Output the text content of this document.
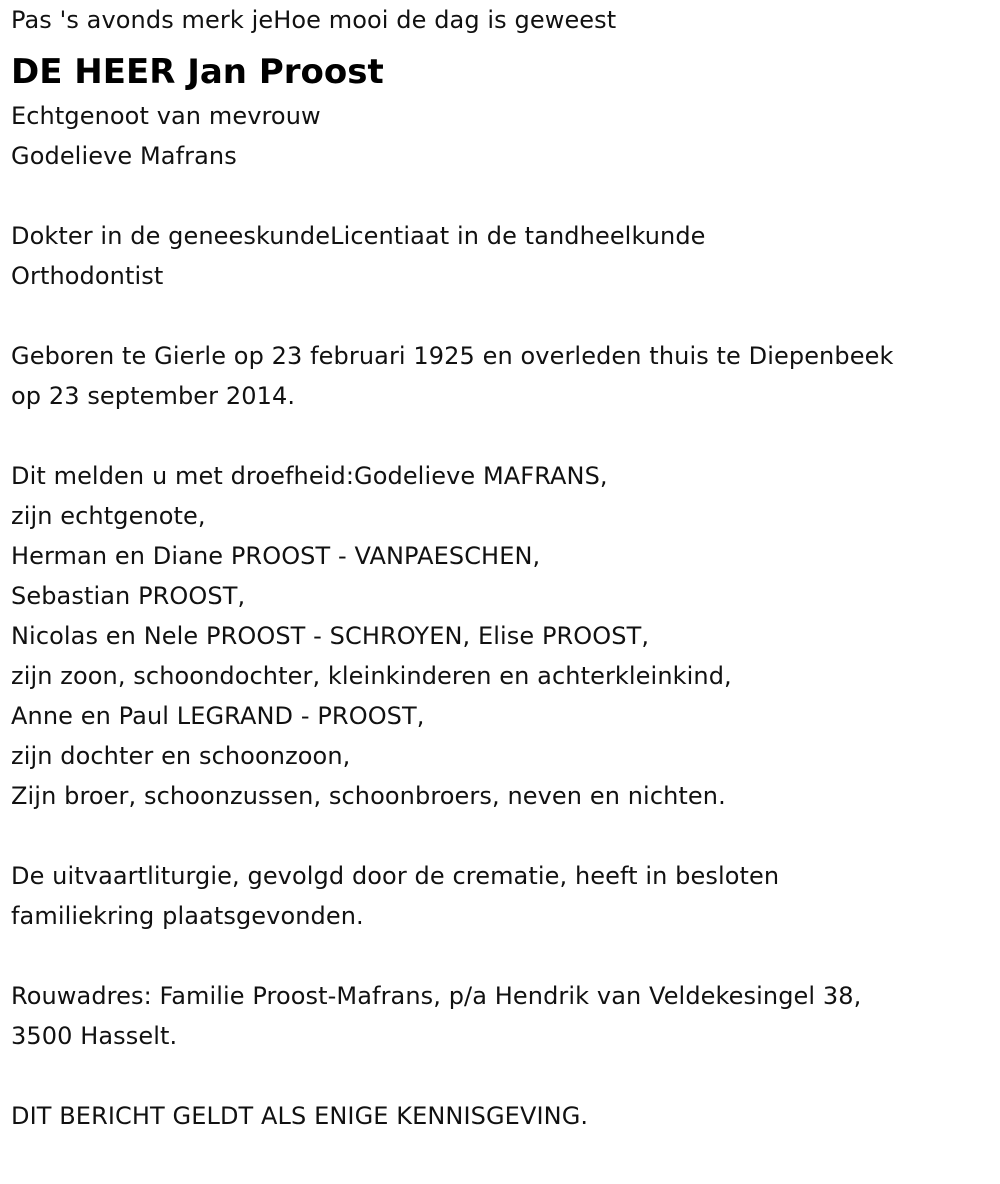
Pas 's avonds merk jeHoe mooi de dag is geweest
DE HEER Jan Proost
Echtgenoot van mevrouw
Godelieve Mafrans
Dokter in de geneeskundeLicentiaat in de tandheelkunde
Orthodontist
Geboren te Gierle op 23 februari 1925 en overleden thuis te Diepenbeek
op 23 september 2014.
Dit melden u met droefheid:Godelieve MAFRANS,
zijn echtgenote,
Herman en Diane PROOST - VANPAESCHEN,
Sebastian PROOST,
Nicolas en Nele PROOST - SCHROYEN, Elise PROOST,
zijn zoon, schoondochter, kleinkinderen en achterkleinkind,
Anne en Paul LEGRAND - PROOST,
zijn dochter en schoonzoon,
Zijn broer, schoonzussen, schoonbroers, neven en nichten.
De uitvaartliturgie, gevolgd door de crematie, heeft in besloten
familiekring plaatsgevonden.
Rouwadres: Familie Proost-Mafrans, p/a Hendrik van Veldekesingel 38,
3500 Hasselt.
DIT BERICHT GELDT ALS ENIGE KENNISGEVING.
